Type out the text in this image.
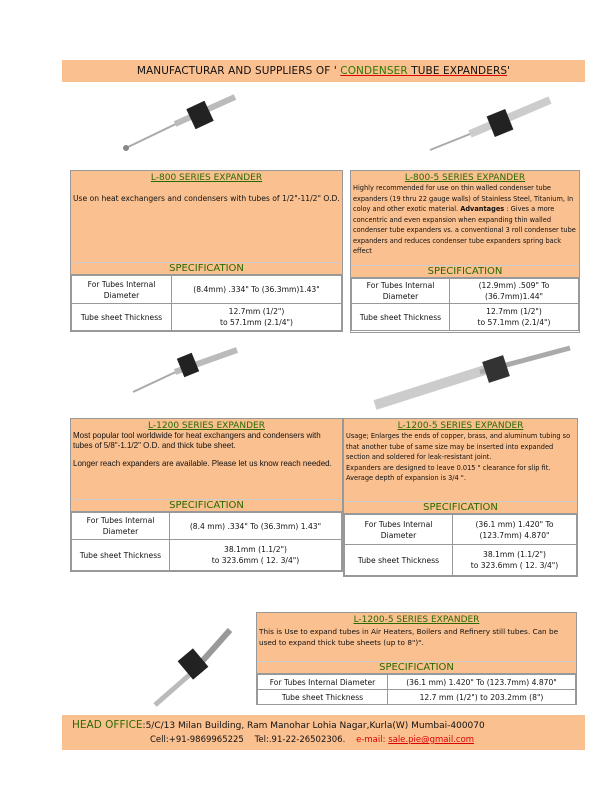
MANUFACTURAR AND SUPPLIERS OF ' CONDENSER TUBE EXPANDERS '
L-800 SERIES EXPANDER
Use on heat exchangers and condensers with tubes of 1/2"-11/2" O.D.
SPECIFICATION
For Tubes Internal Diameter	(8.4mm) .334" To (36.3mm)1.43"
Tube sheet Thickness	12.7mm (1/2")
to 57.1mm (2.1/4")
L-800-5 SERIES EXPANDER
Highly recommended for use on thin walled condenser tube expanders (19 thru 22 gauge walls) of Stainless Steel, Titanium, In coloy and other exotic material. Advantages : Gives a more concentric and even expansion when expanding thin walled condenser tube expanders vs. a conventional 3 roll condenser tube expanders and reduces condenser tube expanders spring back effect
SPECIFICATION
For Tubes Internal Diameter	(12.9mm) .509" To (36.7mm)1.44"
Tube sheet Thickness	12.7mm (1/2")
to 57.1mm (2.1/4")
L-1200 SERIES EXPANDER
Most popular tool worldwide for heat exchangers and condensers with tubes of 5/8"-1.1/2" O.D. and thick tube sheet.
Longer reach expanders are available. Please let us know reach needed.
SPECIFICATION
For Tubes Internal Diameter	(8.4 mm) .334" To (36.3mm) 1.43"
Tube sheet Thickness	38.1mm (1.1/2")
to 323.6mm ( 12. 3/4")
L-1200-5 SERIES EXPANDER
Usage; Enlarges the ends of copper, brass, and aluminum tubing so that another tube of same size may be inserted into expanded section and soldered for leak-resistant joint.
Expanders are designed to leave 0.015 " clearance for slip fit. Average depth of expansion is 3/4 ".
SPECIFICATION
For Tubes Internal Diameter	(36.1 mm) 1.420" To (123.7mm) 4.870"
Tube sheet Thickness	38.1mm (1.1/2")
to 323.6mm ( 12. 3/4")
L-1200-5 SERIES EXPANDER
This is Use to expand tubes in Air Heaters, Boilers and Refinery still tubes. Can be used to expand thick tube sheets (up to 8")".
SPECIFICATION
For Tubes Internal Diameter	(36.1 mm) 1.420" To (123.7mm) 4.870"
Tube sheet Thickness	12.7 mm (1/2") to 203.2mm (8")
HEAD OFFICE:5/C/13 Milan Building, Ram Manohar Lohia Nagar,Kurla(W) Mumbai-400070
Cell:+91-9869965225 Tel:.91-22-26502306. e-mail: sale.pie@gmail.com
